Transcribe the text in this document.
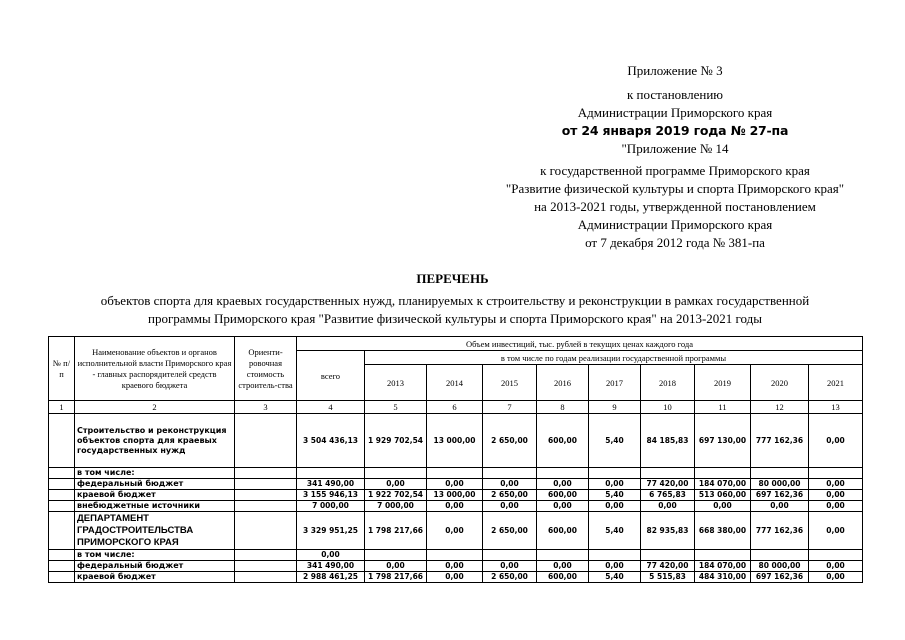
Приложение № 3
к постановлению
Администрации Приморского края
от 24 января 2019 года № 27-па
"Приложение № 14
к государственной программе Приморского края
"Развитие физической культуры и спорта Приморского края"
на 2013-2021 годы, утвержденной постановлением
Администрации Приморского края
от 7 декабря 2012 года № 381-па
ПЕРЕЧЕНЬ
объектов спорта для краевых государственных нужд, планируемых к строительству и реконструкции в рамках государственной
программы Приморского края "Развитие физической культуры и спорта Приморского края" на 2013-2021 годы
№ п/п	Наименование объектов и органов исполнительной власти Приморского края - главных распорядителей средств краевого бюджета	Ориенти-ровочная стоимость строитель-ства	Объем инвестиций, тыс. рублей в текущих ценах каждого года									
			всего	в том числе по годам реализации государственной программы								
				2013	2014	2015	2016	2017	2018	2019	2020	2021
1	2	3	4	5	6	7	8	9	10	11	12	13
	Строительство и реконструкция объектов спорта для краевых государственных нужд		3 504 436,13	1 929 702,54	13 000,00	2 650,00	600,00	5,40	84 185,83	697 130,00	777 162,36	0,00
	в том числе:											
	федеральный бюджет		341 490,00	0,00	0,00	0,00	0,00	0,00	77 420,00	184 070,00	80 000,00	0,00
	краевой бюджет		3 155 946,13	1 922 702,54	13 000,00	2 650,00	600,00	5,40	6 765,83	513 060,00	697 162,36	0,00
	внебюджетные источники		7 000,00	7 000,00	0,00	0,00	0,00	0,00	0,00	0,00	0,00	0,00
	ДЕПАРТАМЕНТ ГРАДОСТРОИТЕЛЬСТВА ПРИМОРСКОГО КРАЯ		3 329 951,25	1 798 217,66	0,00	2 650,00	600,00	5,40	82 935,83	668 380,00	777 162,36	0,00
	в том числе:		0,00									
	федеральный бюджет		341 490,00	0,00	0,00	0,00	0,00	0,00	77 420,00	184 070,00	80 000,00	0,00
	краевой бюджет		2 988 461,25	1 798 217,66	0,00	2 650,00	600,00	5,40	5 515,83	484 310,00	697 162,36	0,00
